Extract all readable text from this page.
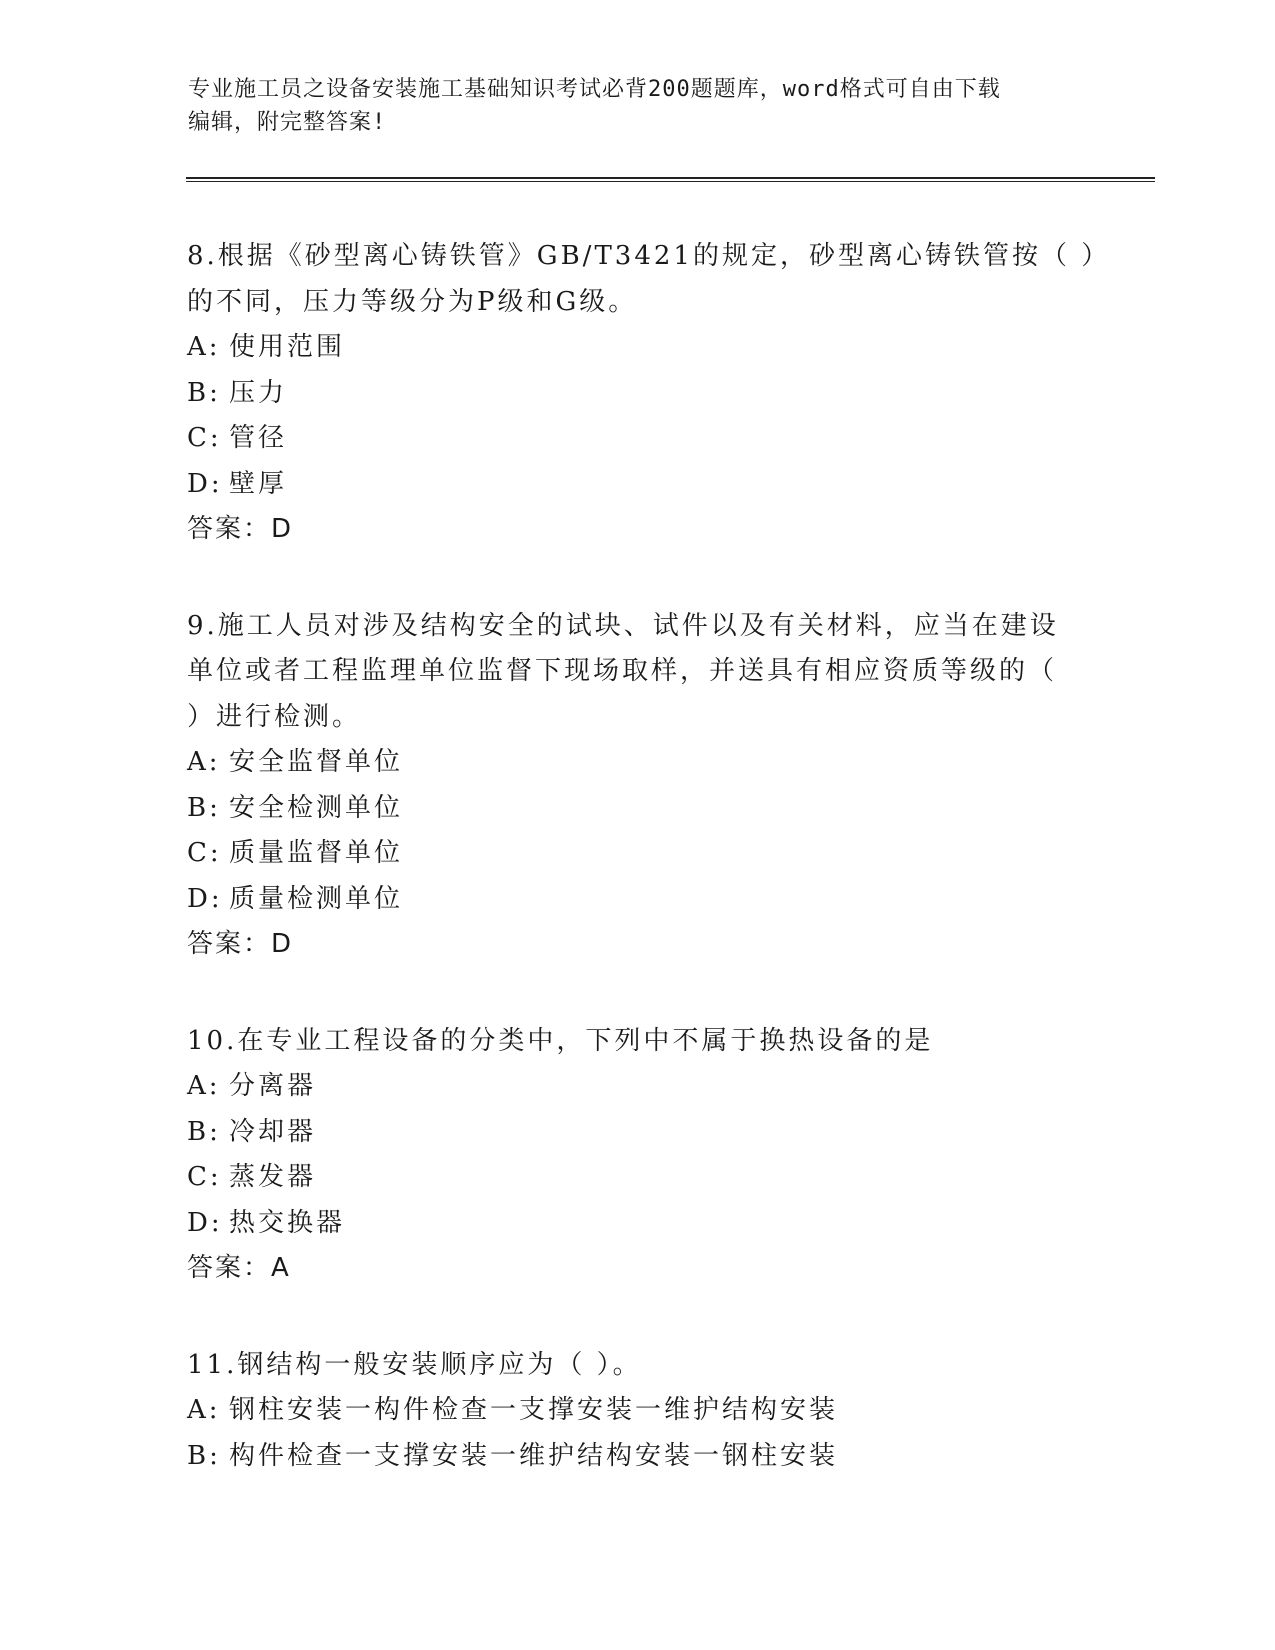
专业施工员之设备安装施工基础知识考试必背200题题库，word格式可自由下载
编辑，附完整答案!
8.根据《砂型离心铸铁管》GB/T3421的规定，砂型离心铸铁管按（ ）
的不同，压力等级分为P级和G级。
A: 使用范围
B: 压力
C: 管径
D: 壁厚
答案：D
9.施工人员对涉及结构安全的试块、试件以及有关材料，应当在建设
单位或者工程监理单位监督下现场取样，并送具有相应资质等级的（
）进行检测。
A: 安全监督单位
B: 安全检测单位
C: 质量监督单位
D: 质量检测单位
答案：D
10.在专业工程设备的分类中，下列中不属于换热设备的是
A: 分离器
B: 冷却器
C: 蒸发器
D: 热交换器
答案：A
11.钢结构一般安装顺序应为（ ）。
A: 钢柱安装一构件检查一支撑安装一维护结构安装
B: 构件检查一支撑安装一维护结构安装一钢柱安装
